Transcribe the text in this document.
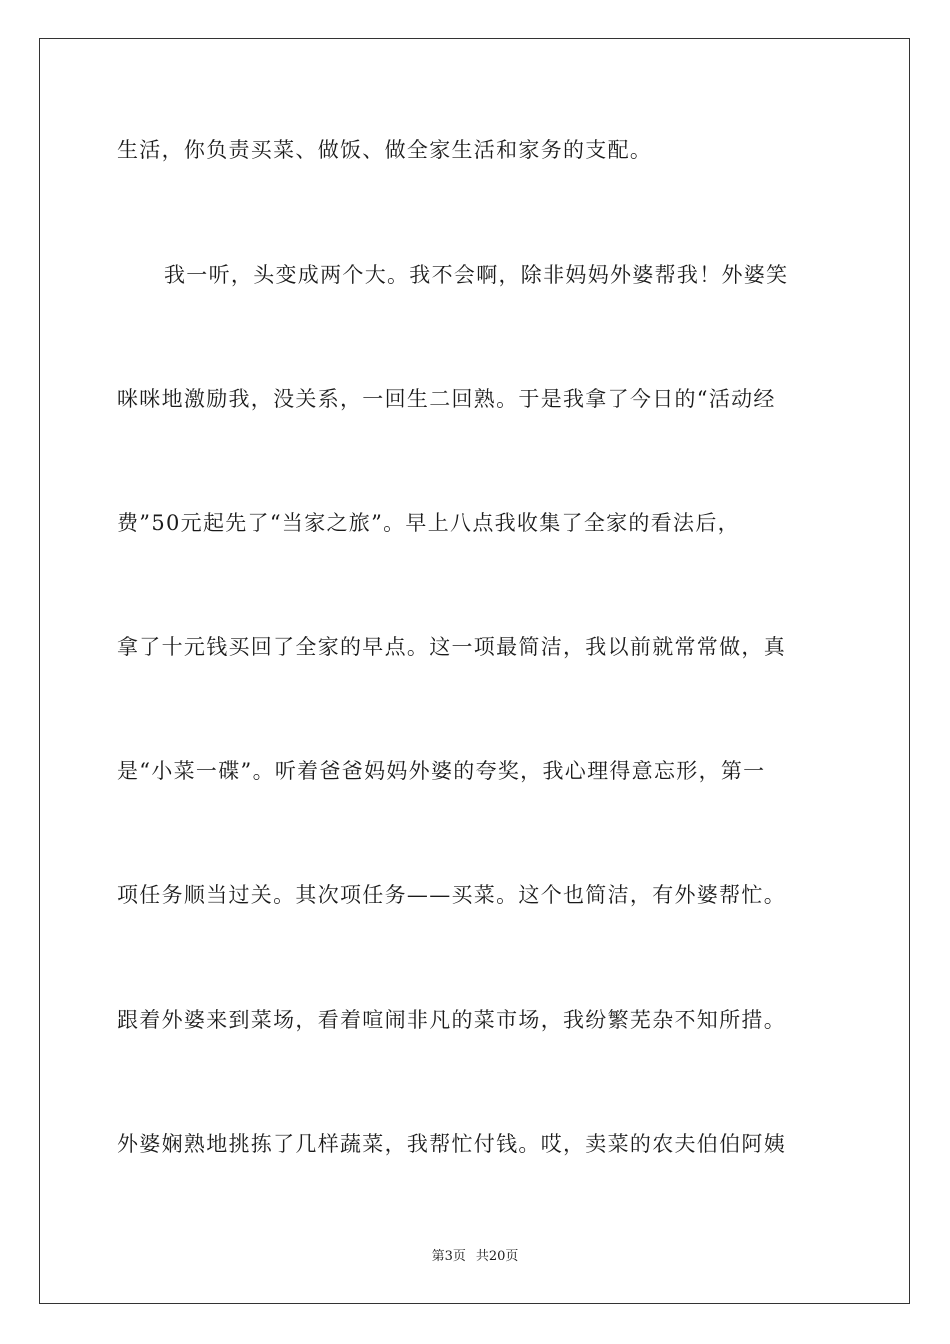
生活，你负责买菜、做饭、做全家生活和家务的支配。
我一听，头变成两个大。我不会啊，除非妈妈外婆帮我！外婆笑
咪咪地激励我，没关系，一回生二回熟。于是我拿了今日的“活动经
费”50元起先了“当家之旅”。早上八点我收集了全家的看法后，
拿了十元钱买回了全家的早点。这一项最简洁，我以前就常常做，真
是“小菜一碟”。听着爸爸妈妈外婆的夸奖，我心理得意忘形，第一
项任务顺当过关。其次项任务——买菜。这个也简洁，有外婆帮忙。
跟着外婆来到菜场，看着喧闹非凡的菜市场，我纷繁芜杂不知所措。
外婆娴熟地挑拣了几样蔬菜，我帮忙付钱。哎，卖菜的农夫伯伯阿姨
第3页 共20页
